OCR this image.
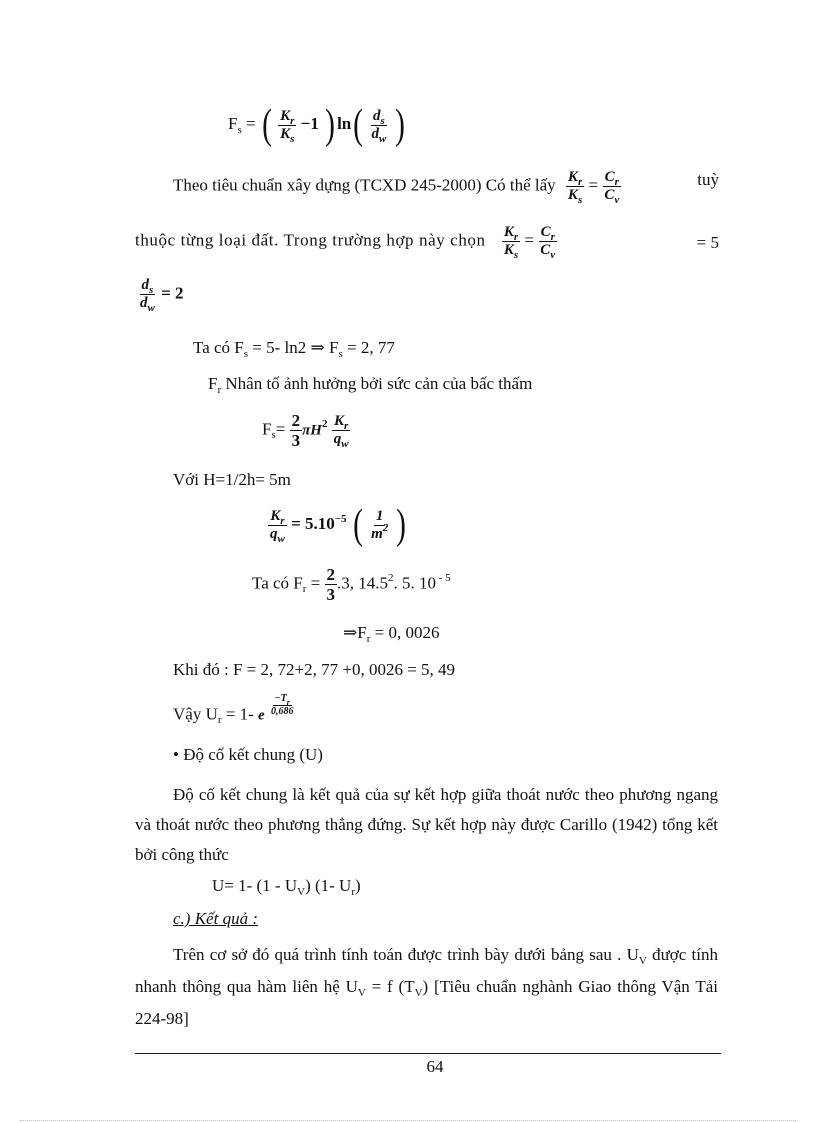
$F_s$ = ( $\frac{K_r}{K_s} -1$ ) $\ln( \frac{d_s}{d_w}$ )
Theo tiêu chuẩn xây dựng (TCXD 245-2000) Có thể lấy $\frac{K_r}{K_s} = \frac{C_r}{C_v}$	tuỳ
thuộc từng loại đất. Trong trường hợp này chọn $\frac{K_r}{K_s} = \frac{C_r}{C_v}$	= 5
$\frac{d_s}{d_w} = 2$
Ta có $F_s = 5-$ ln2 ⇒ $F_s = 2$, 77
$F_r$ Nhân tố ảnh hưởng bởi sức cản của bấc thấm
$F_s= \frac{2}{3} \pi H^2 \frac{K_r}{q_w}$
Với H=1/2h= 5m
$\frac{K_r}{q_w} = 5.10^{-5}$ ( $\frac{1}{m^2}$ )
Ta có $F_r = \frac{2}{3} .3$, 14.5$^2$. 5. 10 $^{- 5}$
$\Rightarrow F_r = 0$, 0026
Khi đó : F = 2, 72+2, 77 +0, 0026 = 5, 49
Vậy $U_r = 1-$ e $\frac{-T_r}{0,686}$
• Độ cố kết chung (U)
Độ cố kết chung là kết quả của sự kết hợp giữa thoát nước theo phương ngang và thoát nước theo phương thẳng đứng. Sự kết hợp này được Carillo (1942) tổng kết bởi công thức
U= 1- $(1 - U_V)$ (1- $U_r$)
c.) Kết quả :
Trên cơ sở đó quá trình tính toán được trình bày dưới bảng sau . $U_V$ được tính nhanh thông qua hàm liên hệ $U_V = f$ $(T_V)$ [Tiêu chuẩn nghành Giao thông Vận Tải 224-98]
64
